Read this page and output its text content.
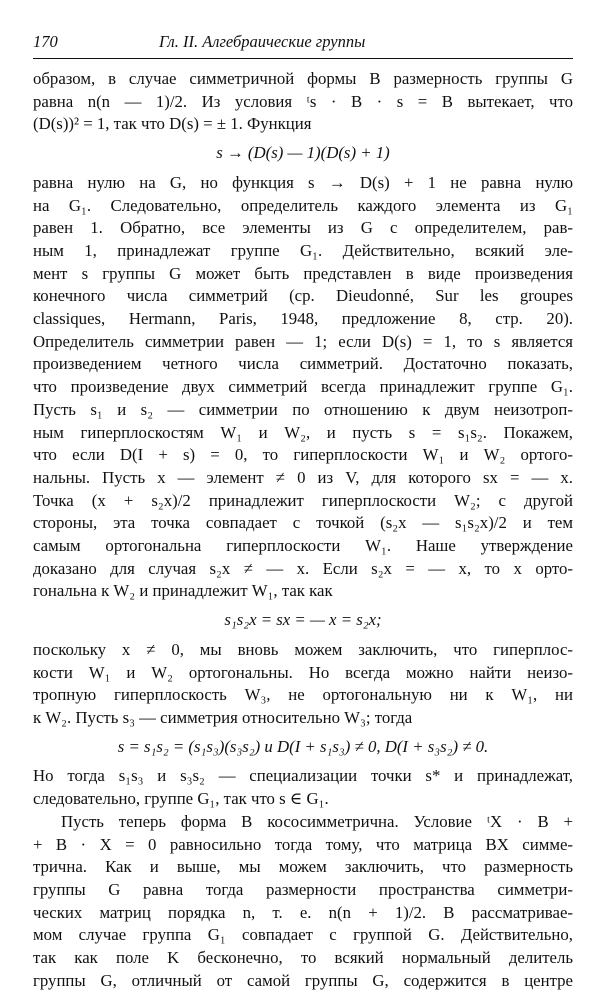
170	Гл. II. Алгебраические группы
образом, в случае симметричной формы B размерность группы G
равна n(n — 1)/2. Из условия ᵗs · B · s = B вытекает, что
(D(s))² = 1, так что D(s) = ± 1. Функция
s → (D(s) — 1)(D(s) + 1)
равна нулю на G, но функция s → D(s) + 1 не равна нулю
на G₁. Следовательно, определитель каждого элемента из G₁
равен 1. Обратно, все элементы из G с определителем, рав-
ным 1, принадлежат группе G₁. Действительно, всякий эле-
мент s группы G может быть представлен в виде произведения
конечного числа симметрий (ср. Dieudonné, Sur les groupes
classiques, Hermann, Paris, 1948, предложение 8, стр. 20).
Определитель симметрии равен — 1; если D(s) = 1, то s является
произведением четного числа симметрий. Достаточно показать,
что произведение двух симметрий всегда принадлежит группе G₁.
Пусть s₁ и s₂ — симметрии по отношению к двум неизотроп-
ным гиперплоскостям W₁ и W₂, и пусть s = s₁s₂. Покажем,
что если D(I + s) = 0, то гиперплоскости W₁ и W₂ ортого-
нальны. Пусть x — элемент ≠ 0 из V, для которого sx = — x.
Точка (x + s₂x)/2 принадлежит гиперплоскости W₂; с другой
стороны, эта точка совпадает с точкой (s₂x — s₁s₂x)/2 и тем
самым ортогональна гиперплоскости W₁. Наше утверждение
доказано для случая s₂x ≠ — x. Если s₂x = — x, то x орто-
гональна к W₂ и принадлежит W₁, так как
s₁s₂x = sx = — x = s₂x;
поскольку x ≠ 0, мы вновь можем заключить, что гиперплос-
кости W₁ и W₂ ортогональны. Но всегда можно найти неизо-
тропную гиперплоскость W₃, не ортогональную ни к W₁, ни
к W₂. Пусть s₃ — симметрия относительно W₃; тогда
s = s₁s₂ = (s₁s₃)(s₃s₂) и D(I + s₁s₃) ≠ 0, D(I + s₃s₂) ≠ 0.
Но тогда s₁s₃ и s₃s₂ — специализации точки s* и принадлежат,
следовательно, группе G₁, так что s ∈ G₁.
Пусть теперь форма B кососимметрична. Условие ᵗX · B +
+ B · X = 0 равносильно тогда тому, что матрица BX симме-
трична. Как и выше, мы можем заключить, что размерность
группы G равна тогда размерности пространства симметри-
ческих матриц порядка n, т. е. n(n + 1)/2. В рассматривае-
мом случае группа G₁ совпадает с группой G. Действительно,
так как поле K бесконечно, то всякий нормальный делитель
группы G, отличный от самой группы G, содержится в центре
